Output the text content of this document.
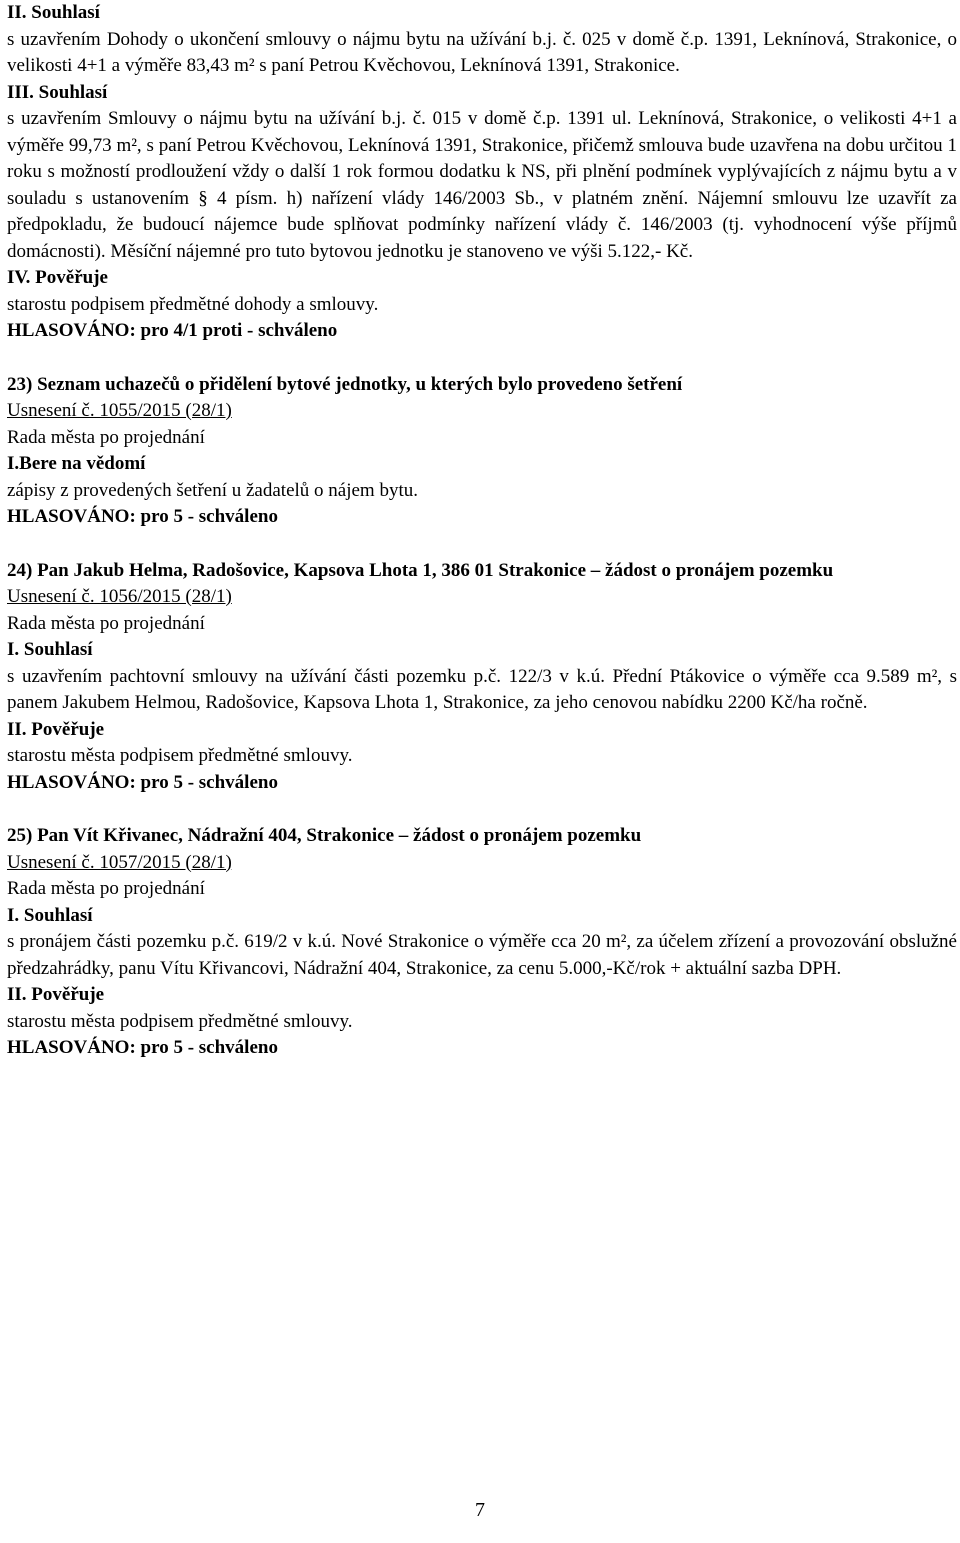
II. Souhlasí
s uzavřením Dohody o ukončení smlouvy o nájmu bytu na užívání b.j. č. 025 v domě č.p. 1391, Leknínová, Strakonice, o velikosti 4+1 a výměře 83,43 m² s paní Petrou Kvěchovou, Leknínová 1391, Strakonice.
III. Souhlasí
s uzavřením Smlouvy o nájmu bytu na užívání b.j. č. 015 v domě č.p. 1391 ul. Leknínová, Strakonice, o velikosti 4+1 a výměře 99,73 m², s paní Petrou Kvěchovou, Leknínová 1391, Strakonice, přičemž smlouva bude uzavřena na dobu určitou 1 roku s možností prodloužení vždy o další 1 rok formou dodatku k NS, při plnění podmínek vyplývajících z nájmu bytu a v souladu s ustanovením § 4 písm. h) nařízení vlády 146/2003 Sb., v platném znění. Nájemní smlouvu lze uzavřít za předpokladu, že budoucí nájemce bude splňovat podmínky nařízení vlády č. 146/2003 (tj. vyhodnocení výše příjmů domácnosti). Měsíční nájemné pro tuto bytovou jednotku je stanoveno ve výši 5.122,- Kč.
IV. Pověřuje
starostu podpisem předmětné dohody a smlouvy.
HLASOVÁNO: pro 4/1 proti - schváleno
23) Seznam uchazečů o přidělení bytové jednotky, u kterých bylo provedeno šetření
Usnesení č. 1055/2015 (28/1)
Rada města po projednání
I.Bere na vědomí
zápisy z provedených šetření u žadatelů o nájem bytu.
HLASOVÁNO: pro 5 - schváleno
24) Pan Jakub Helma, Radošovice, Kapsova Lhota 1, 386 01 Strakonice – žádost o pronájem pozemku
Usnesení č. 1056/2015 (28/1)
Rada města po projednání
I. Souhlasí
s uzavřením pachtovní smlouvy na užívání části pozemku p.č. 122/3 v k.ú. Přední Ptákovice o výměře cca 9.589 m², s panem Jakubem Helmou, Radošovice, Kapsova Lhota 1, Strakonice, za jeho cenovou nabídku 2200 Kč/ha ročně.
II. Pověřuje
starostu města podpisem předmětné smlouvy.
HLASOVÁNO: pro 5 - schváleno
25) Pan Vít Křivanec, Nádražní 404, Strakonice – žádost o pronájem pozemku
Usnesení č. 1057/2015 (28/1)
Rada města po projednání
I. Souhlasí
s pronájem části pozemku p.č. 619/2 v k.ú. Nové Strakonice o výměře cca 20 m², za účelem zřízení a provozování obslužné předzahrádky, panu Vítu Křivancovi, Nádražní 404, Strakonice, za cenu 5.000,-Kč/rok + aktuální sazba DPH.
II. Pověřuje
starostu města podpisem předmětné smlouvy.
HLASOVÁNO: pro 5 - schváleno
7
